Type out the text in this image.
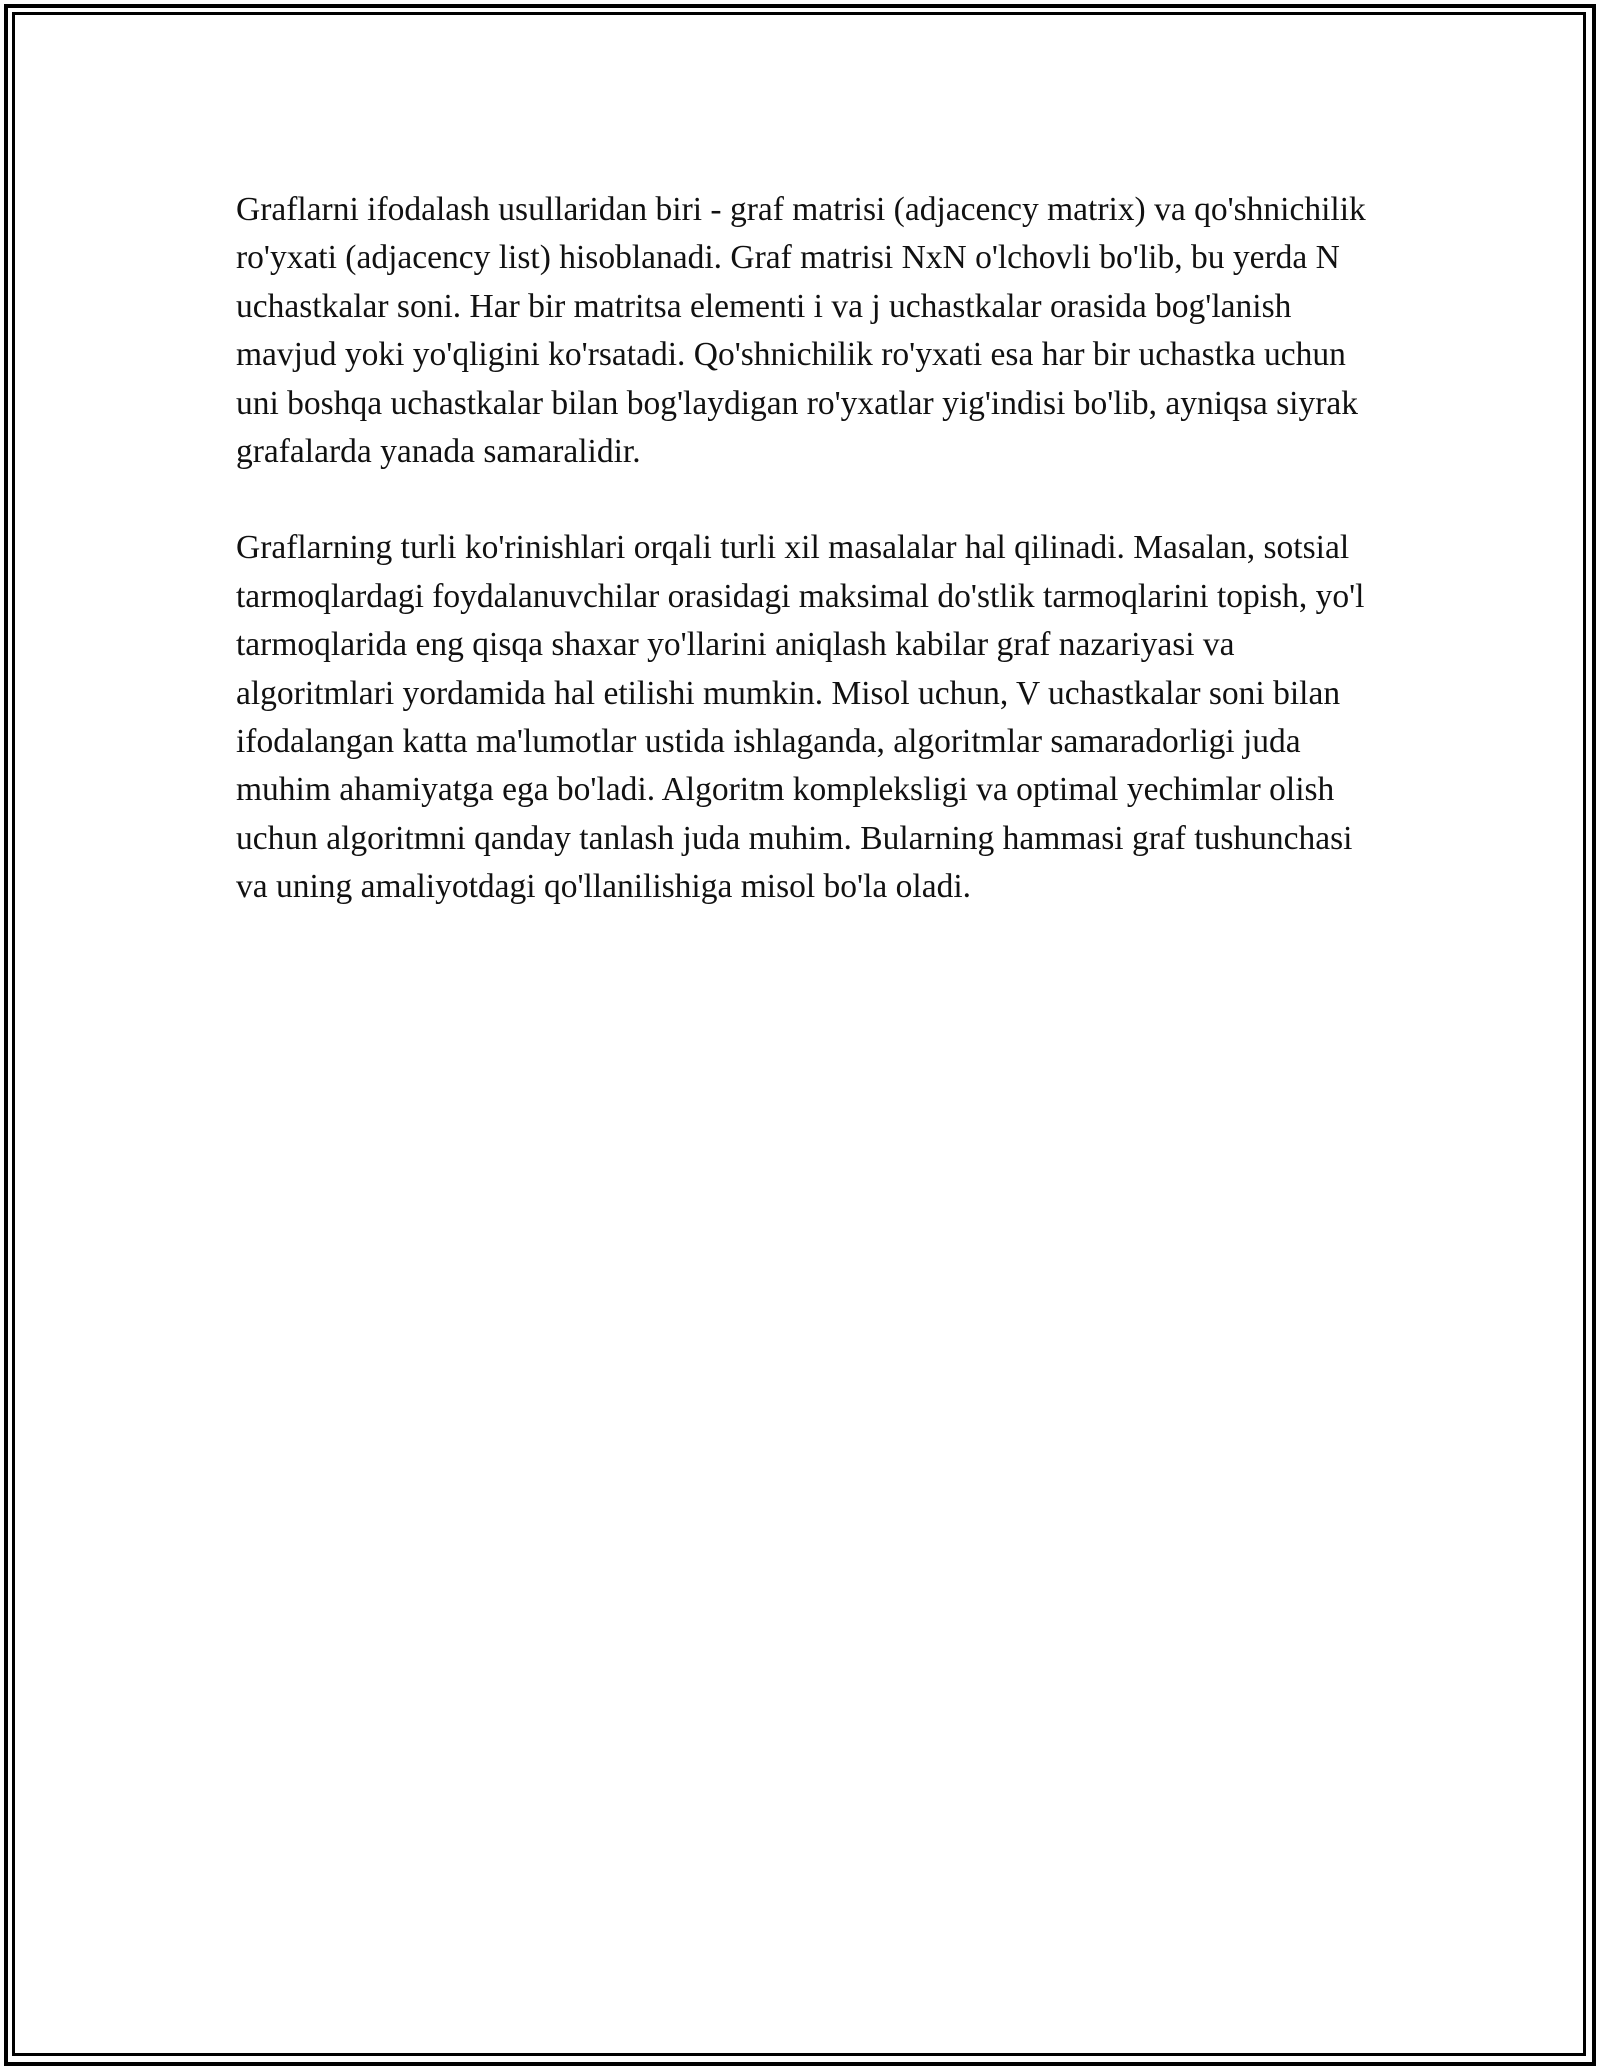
Graflarni ifodalash usullaridan biri - graf matrisi (adjacency matrix) va qo'shnichilik ro'yxati (adjacency list) hisoblanadi. Graf matrisi NxN o'lchovli bo'lib, bu yerda N uchastkalar soni. Har bir matritsa elementi i va j uchastkalar orasida bog'lanish mavjud yoki yo'qligini ko'rsatadi. Qo'shnichilik ro'yxati esa har bir uchastka uchun uni boshqa uchastkalar bilan bog'laydigan ro'yxatlar yig'indisi bo'lib, ayniqsa siyrak grafalarda yanada samaralidir.

Graflarning turli ko'rinishlari orqali turli xil masalalar hal qilinadi. Masalan, sotsial tarmoqlardagi foydalanuvchilar orasidagi maksimal do'stlik tarmoqlarini topish, yo'l tarmoqlarida eng qisqa shaxar yo'llarini aniqlash kabilar graf nazariyasi va algoritmlari yordamida hal etilishi mumkin. Misol uchun, V uchastkalar soni bilan ifodalangan katta ma'lumotlar ustida ishlaganda, algoritmlar samaradorligi juda muhim ahamiyatga ega bo'ladi. Algoritm kompleksligi va optimal yechimlar olish uchun algoritmni qanday tanlash juda muhim. Bularning hammasi graf tushunchasi va uning amaliyotdagi qo'llanilishiga misol bo'la oladi.
